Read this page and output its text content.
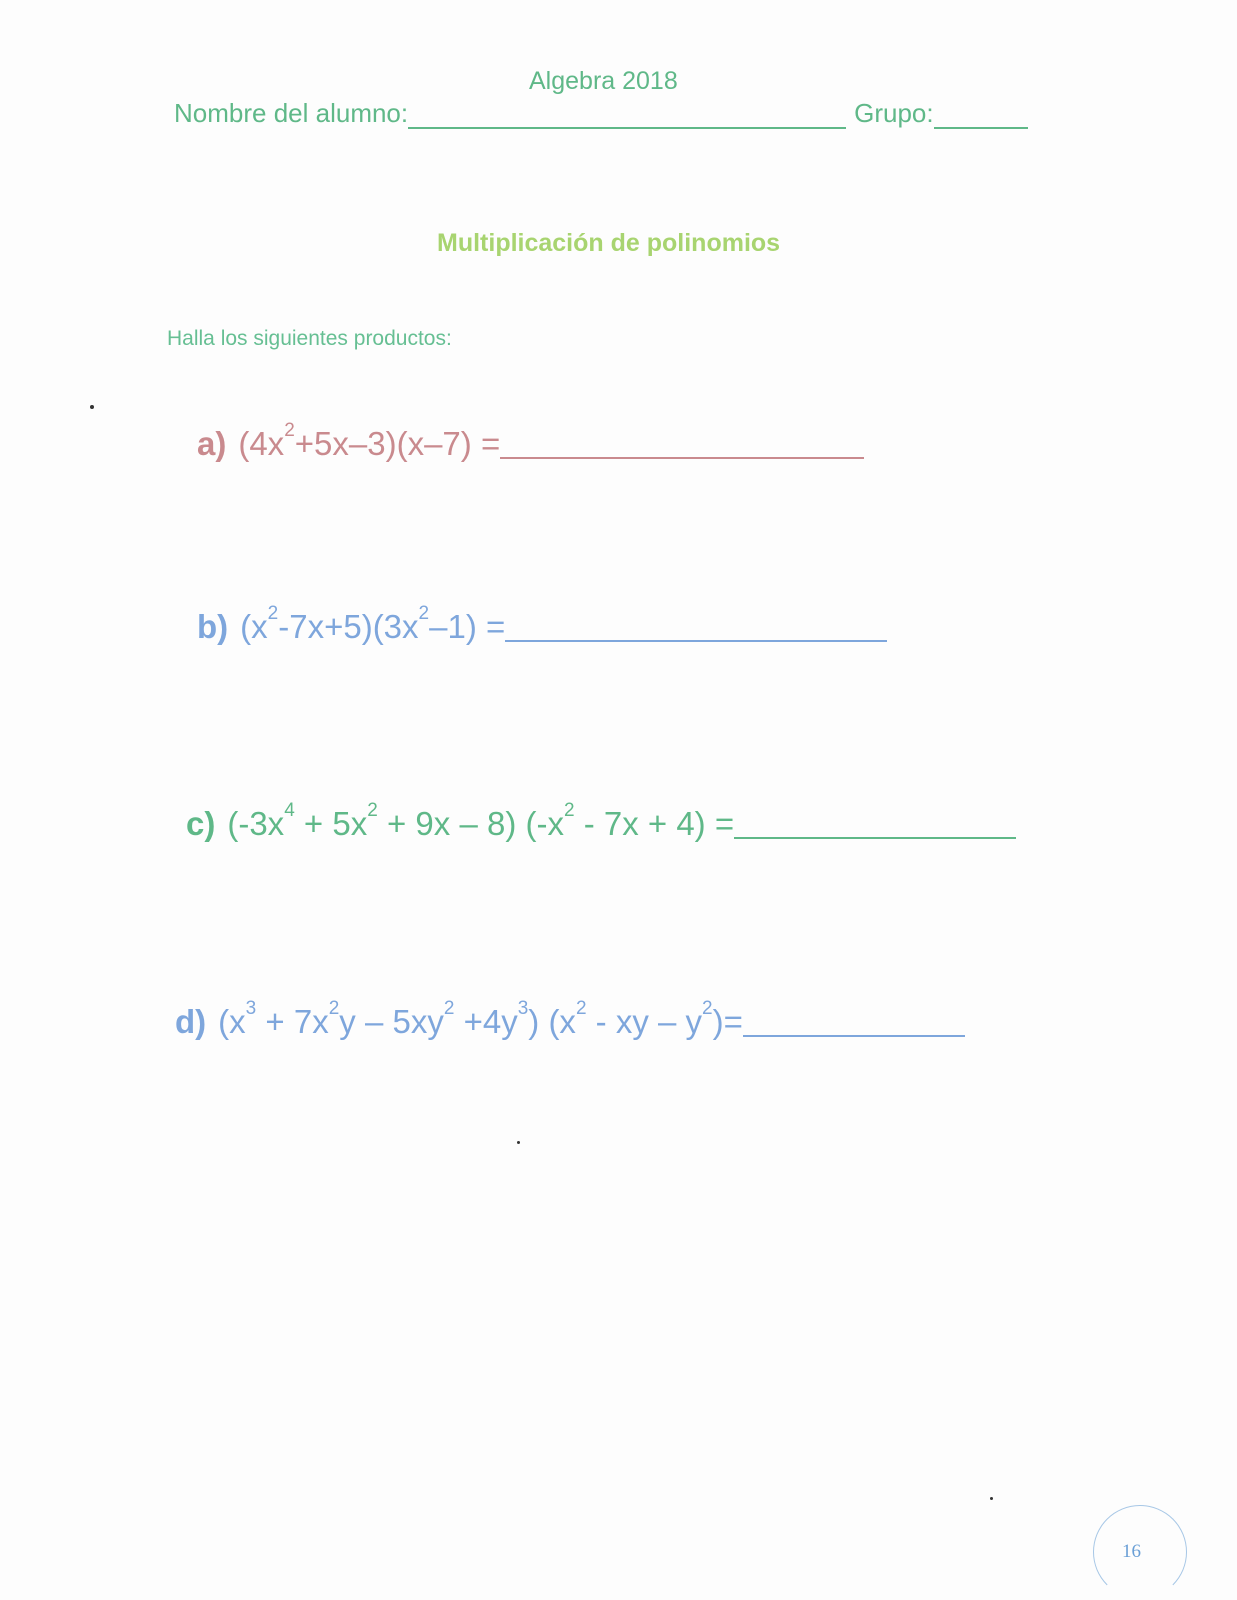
Algebra 2018
Nombre del alumno:	Grupo:
Multiplicación de polinomios
Halla los siguientes productos:
a) $(4x^2+5x-3)(x-7)$ =
b) $(x^2-7x+5)(3x^2-1)$ =
c) $(-3x^4 + 5x^2 + 9x - 8)$ $(-x^2 - 7x + 4)$ =
d) $(x^3 + 7x^2y - 5xy^2 +4y^3)$ ($x^2$ - xy – $y^2)=$
16
